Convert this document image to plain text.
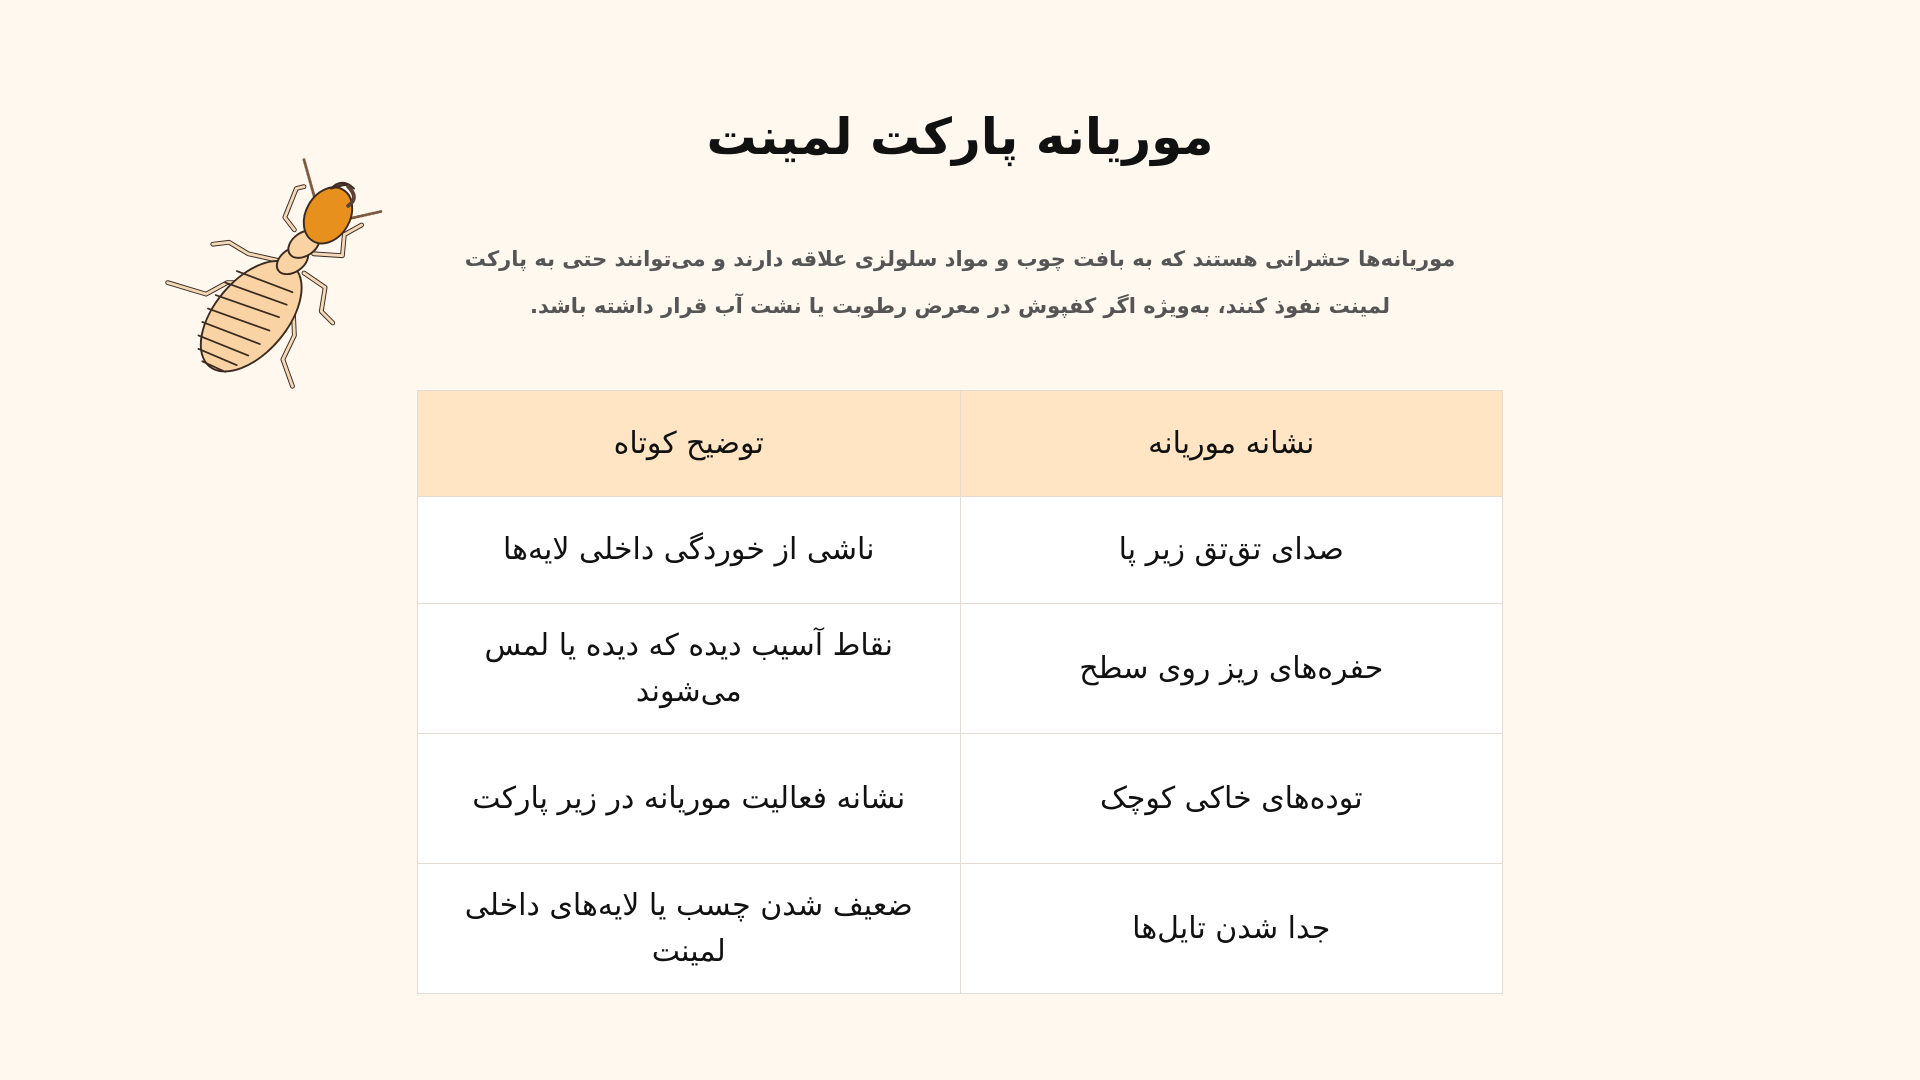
موریانه پارکت لمینت

موریانه‌ها حشراتی هستند که به بافت چوب و مواد سلولزی علاقه دارند و می‌توانند حتی به پارکت لمینت نفوذ کنند، به‌ویژه اگر کفپوش در معرض رطوبت یا نشت آب قرار داشته باشد.

نشانه موریانه	توضیح کوتاه
صدای تق‌تق زیر پا	ناشی از خوردگی داخلی لایه‌ها
حفره‌های ریز روی سطح	نقاط آسیب دیده که دیده یا لمس می‌شوند
توده‌های خاکی کوچک	نشانه فعالیت موریانه در زیر پارکت
جدا شدن تایل‌ها	ضعیف شدن چسب یا لایه‌های داخلی لمینت
